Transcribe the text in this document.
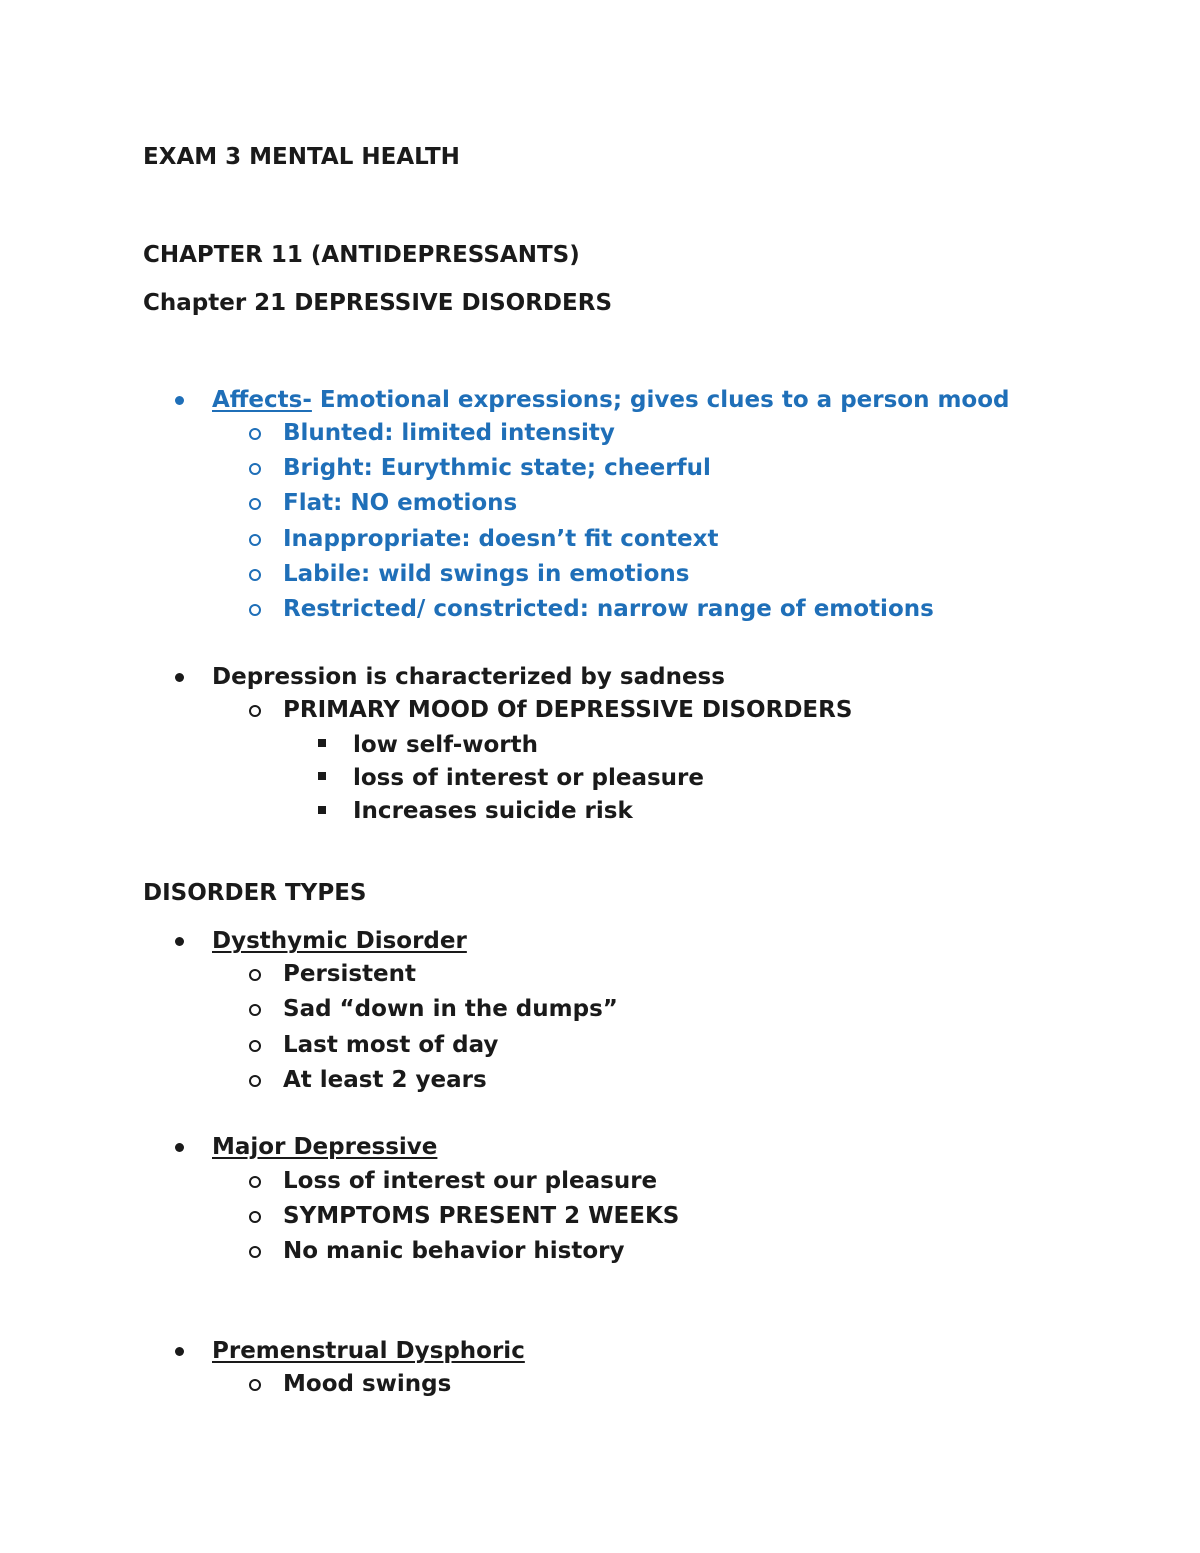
EXAM 3 MENTAL HEALTH
CHAPTER 11 (ANTIDEPRESSANTS)
Chapter 21 DEPRESSIVE DISORDERS
Affects- Emotional expressions; gives clues to a person mood
Blunted: limited intensity
Bright: Eurythmic state; cheerful
Flat: NO emotions
Inappropriate: doesn’t fit context
Labile: wild swings in emotions
Restricted/ constricted: narrow range of emotions
Depression is characterized by sadness
PRIMARY MOOD Of DEPRESSIVE DISORDERS
low self-worth
loss of interest or pleasure
Increases suicide risk
DISORDER TYPES
Dysthymic Disorder
Persistent
Sad “down in the dumps”
Last most of day
At least 2 years
Major Depressive
Loss of interest our pleasure
SYMPTOMS PRESENT 2 WEEKS
No manic behavior history
Premenstrual Dysphoric
Mood swings
